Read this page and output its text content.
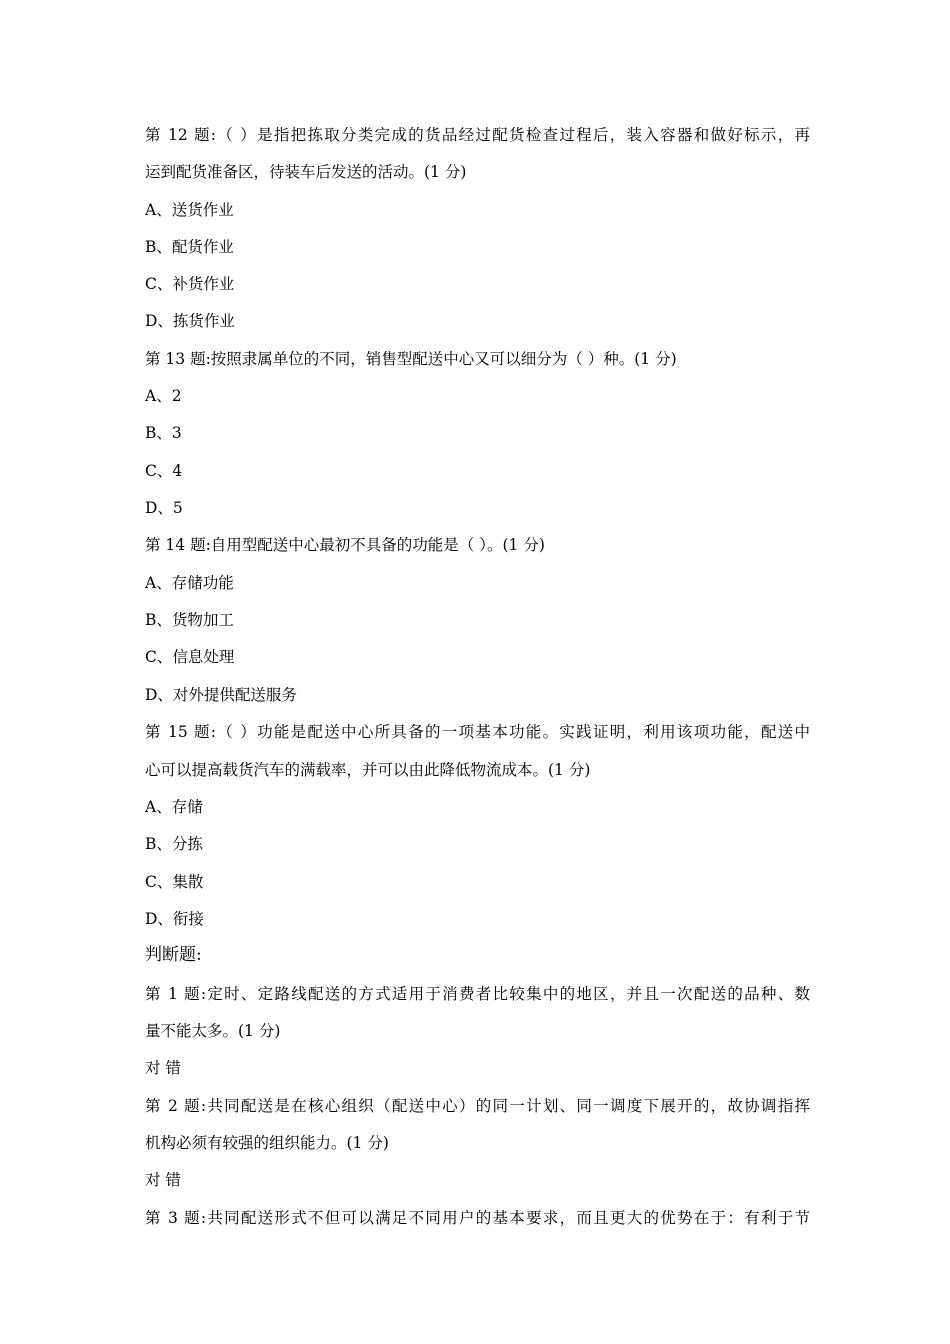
第 12 题:（ ）是指把拣取分类完成的货品经过配货检查过程后，装入容器和做好标示，再
运到配货准备区，待装车后发送的活动。(1 分)
A、送货作业
B、配货作业
C、补货作业
D、拣货作业
第 13 题:按照隶属单位的不同，销售型配送中心又可以细分为（ ）种。(1 分)
A、2
B、3
C、4
D、5
第 14 题:自用型配送中心最初不具备的功能是（ ）。(1 分)
A、存储功能
B、货物加工
C、信息处理
D、对外提供配送服务
第 15 题:（ ）功能是配送中心所具备的一项基本功能。实践证明，利用该项功能，配送中
心可以提高载货汽车的满载率，并可以由此降低物流成本。(1 分)
A、存储
B、分拣
C、集散
D、衔接
判断题:
第 1 题:定时、定路线配送的方式适用于消费者比较集中的地区，并且一次配送的品种、数
量不能太多。(1 分)
对 错
第 2 题:共同配送是在核心组织（配送中心）的同一计划、同一调度下展开的，故协调指挥
机构必须有较强的组织能力。(1 分)
对 错
第 3 题:共同配送形式不但可以满足不同用户的基本要求，而且更大的优势在于：有利于节
